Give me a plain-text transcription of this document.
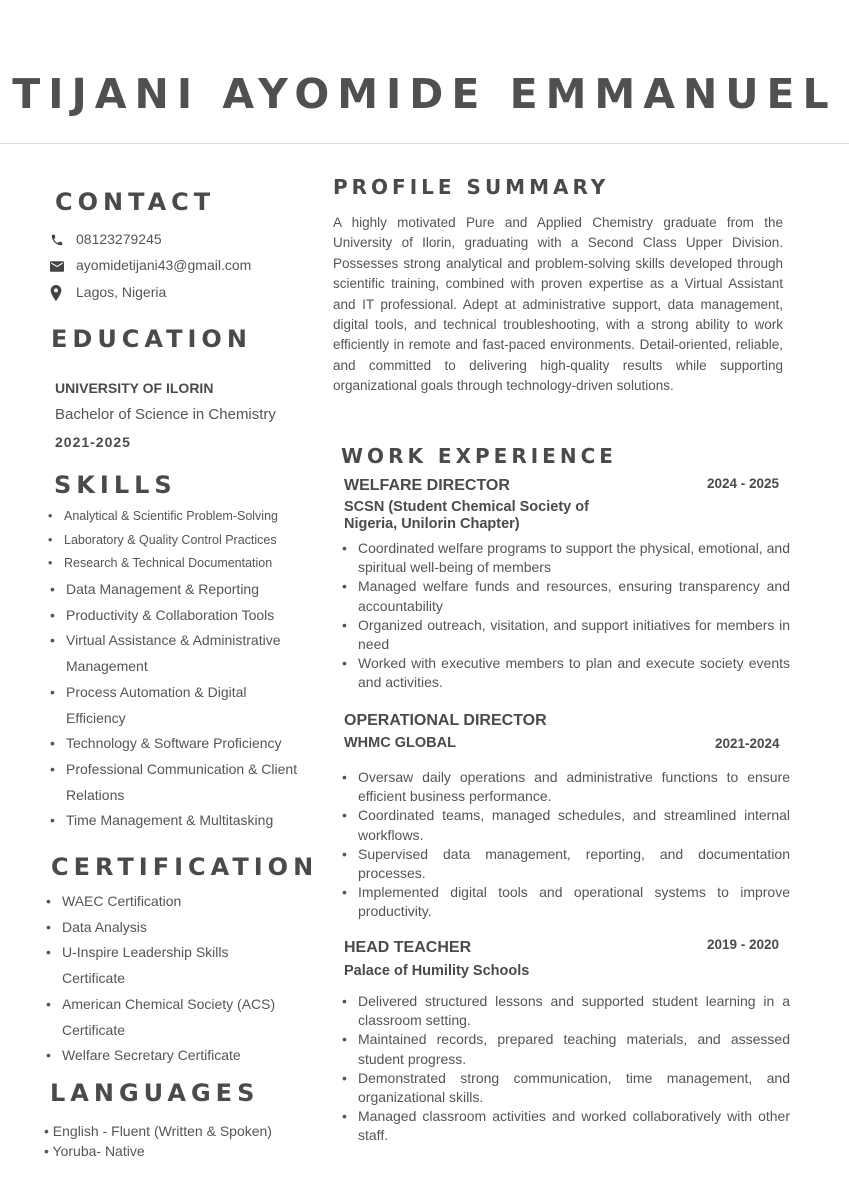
TIJANI AYOMIDE EMMANUEL
CONTACT
08123279245
ayomidetijani43@gmail.com
Lagos, Nigeria
EDUCATION
UNIVERSITY OF ILORIN
Bachelor of Science in Chemistry
2021-2025
SKILLS
• Analytical & Scientific Problem-Solving
• Laboratory & Quality Control Practices
• Research & Technical Documentation
• Data Management & Reporting
• Productivity & Collaboration Tools
• Virtual Assistance & Administrative Management
• Process Automation & Digital Efficiency
• Technology & Software Proficiency
• Professional Communication & Client Relations
• Time Management & Multitasking
CERTIFICATION
• WAEC Certification
• Data Analysis
• U-Inspire Leadership Skills Certificate
• American Chemical Society (ACS) Certificate
• Welfare Secretary Certificate
LANGUAGES
• English - Fluent (Written & Spoken)
• Yoruba- Native
PROFILE SUMMARY
A highly motivated Pure and Applied Chemistry graduate from the University of Ilorin, graduating with a Second Class Upper Division. Possesses strong analytical and problem-solving skills developed through scientific training, combined with proven expertise as a Virtual Assistant and IT professional. Adept at administrative support, data management, digital tools, and technical troubleshooting, with a strong ability to work efficiently in remote and fast-paced environments. Detail-oriented, reliable, and committed to delivering high-quality results while supporting organizational goals through technology-driven solutions.
WORK EXPERIENCE
WELFARE DIRECTOR	2024 - 2025
SCSN (Student Chemical Society of Nigeria, Unilorin Chapter)
• Coordinated welfare programs to support the physical, emotional, and spiritual well-being of members
• Managed welfare funds and resources, ensuring transparency and accountability
• Organized outreach, visitation, and support initiatives for members in need
• Worked with executive members to plan and execute society events and activities.
OPERATIONAL DIRECTOR
WHMC GLOBAL	2021-2024
• Oversaw daily operations and administrative functions to ensure efficient business performance.
• Coordinated teams, managed schedules, and streamlined internal workflows.
• Supervised data management, reporting, and documentation processes.
• Implemented digital tools and operational systems to improve productivity.
HEAD TEACHER	2019 - 2020
Palace of Humility Schools
• Delivered structured lessons and supported student learning in a classroom setting.
• Maintained records, prepared teaching materials, and assessed student progress.
• Demonstrated strong communication, time management, and organizational skills.
• Managed classroom activities and worked collaboratively with other staff.
